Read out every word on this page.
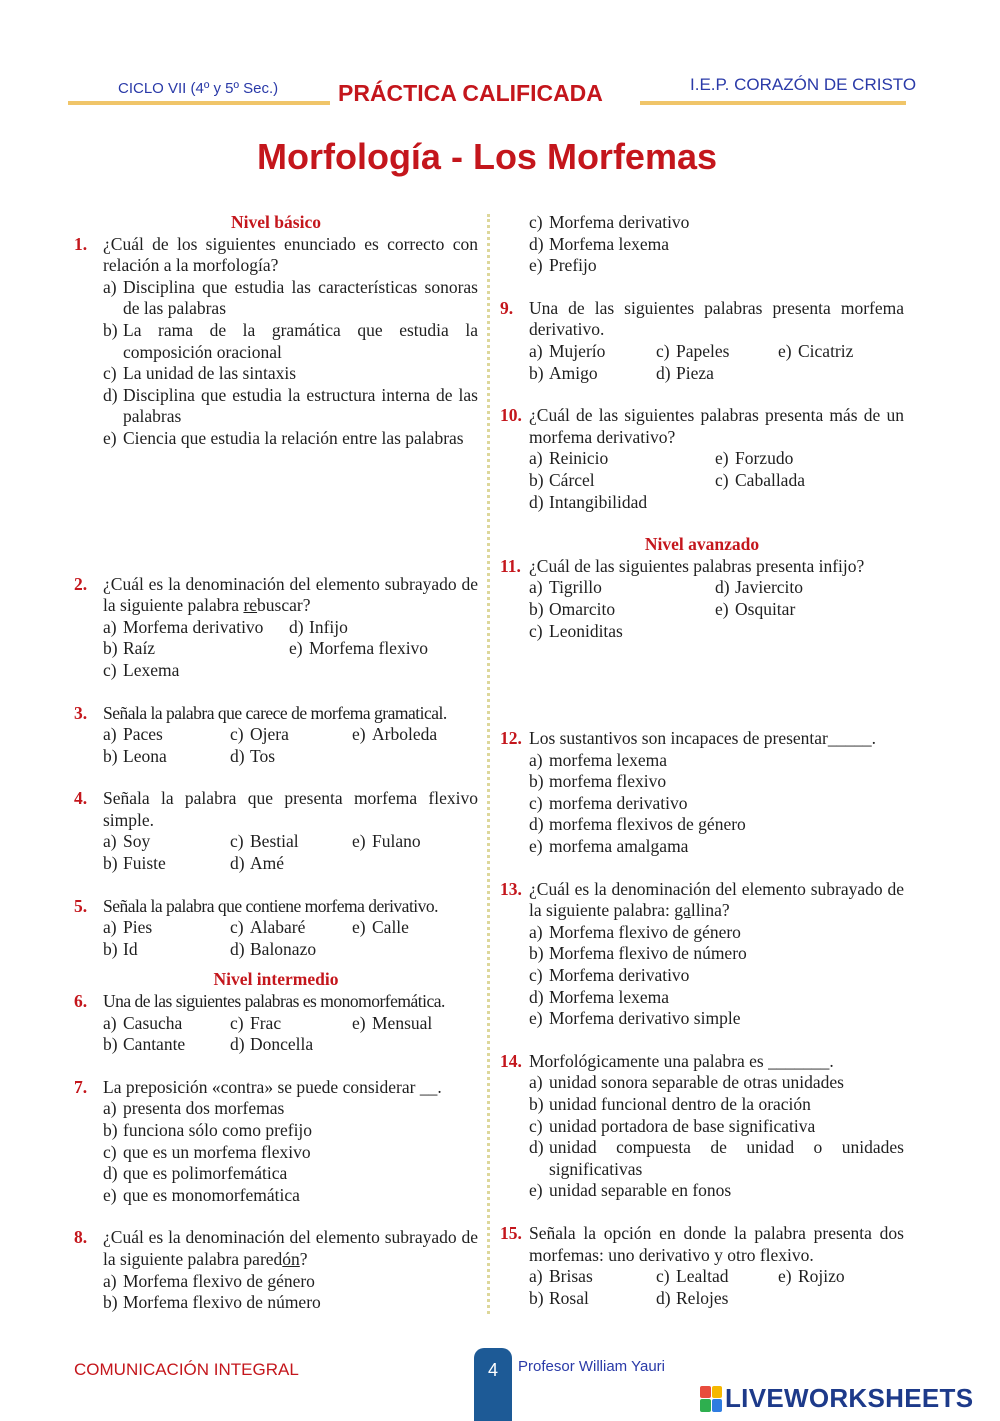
CICLO VII (4º y 5º Sec.)	PRÁCTICA CALIFICADA	I.E.P. CORAZÓN DE CRISTO
Morfología - Los Morfemas
Nivel básico
1. ¿Cuál de los siguientes enunciado es correcto con relación a la morfología?
a) Disciplina que estudia las características sonoras de las palabras
b) La rama de la gramática que estudia la composición oracional
c) La unidad de las sintaxis
d) Disciplina que estudia la estructura interna de las palabras
e) Ciencia que estudia la relación entre las palabras
2. ¿Cuál es la denominación del elemento subrayado de la siguiente palabra rebuscar?
a) Morfema derivativo	d) Infijo
b) Raíz	e) Morfema flexivo
c) Lexema
3. Señala la palabra que carece de morfema gramatical.
a) Paces	c) Ojera	e) Arboleda
b) Leona	d) Tos
4. Señala la palabra que presenta morfema flexivo simple.
a) Soy	c) Bestial	e) Fulano
b) Fuiste	d) Amé
5. Señala la palabra que contiene morfema derivativo.
a) Pies	c) Alabaré	e) Calle
b) Id	d) Balonazo
Nivel intermedio
6. Una de las siguientes palabras es monomorfemática.
a) Casucha	c) Frac	e) Mensual
b) Cantante	d) Doncella
7. La preposición «contra» se puede considerar __.
a) presenta dos morfemas
b) funciona sólo como prefijo
c) que es un morfema flexivo
d) que es polimorfemática
e) que es monomorfemática
8. ¿Cuál es la denominación del elemento subrayado de la siguiente palabra paredón?
a) Morfema flexivo de género
b) Morfema flexivo de número
c) Morfema derivativo
d) Morfema lexema
e) Prefijo
9. Una de las siguientes palabras presenta morfema derivativo.
a) Mujerío	c) Papeles	e) Cicatriz
b) Amigo	d) Pieza
10. ¿Cuál de las siguientes palabras presenta más de un morfema derivativo?
a) Reinicio	e) Forzudo
b) Cárcel	c) Caballada
d) Intangibilidad
Nivel avanzado
11. ¿Cuál de las siguientes palabras presenta infijo?
a) Tigrillo	d) Javiercito
b) Omarcito	e) Osquitar
c) Leoniditas
12. Los sustantivos son incapaces de presentar_____.
a) morfema lexema
b) morfema flexivo
c) morfema derivativo
d) morfema flexivos de género
e) morfema amalgama
13. ¿Cuál es la denominación del elemento subrayado de la siguiente palabra: gallina?
a) Morfema flexivo de género
b) Morfema flexivo de número
c) Morfema derivativo
d) Morfema lexema
e) Morfema derivativo simple
14. Morfológicamente una palabra es _______.
a) unidad sonora separable de otras unidades
b) unidad funcional dentro de la oración
c) unidad portadora de base significativa
d) unidad compuesta de unidad o unidades significativas
e) unidad separable en fonos
15. Señala la opción en donde la palabra presenta dos morfemas: uno derivativo y otro flexivo.
a) Brisas	c) Lealtad	e) Rojizo
b) Rosal	d) Relojes
COMUNICACIÓN INTEGRAL	4	Profesor William Yauri
LIVEWORKSHEETS
